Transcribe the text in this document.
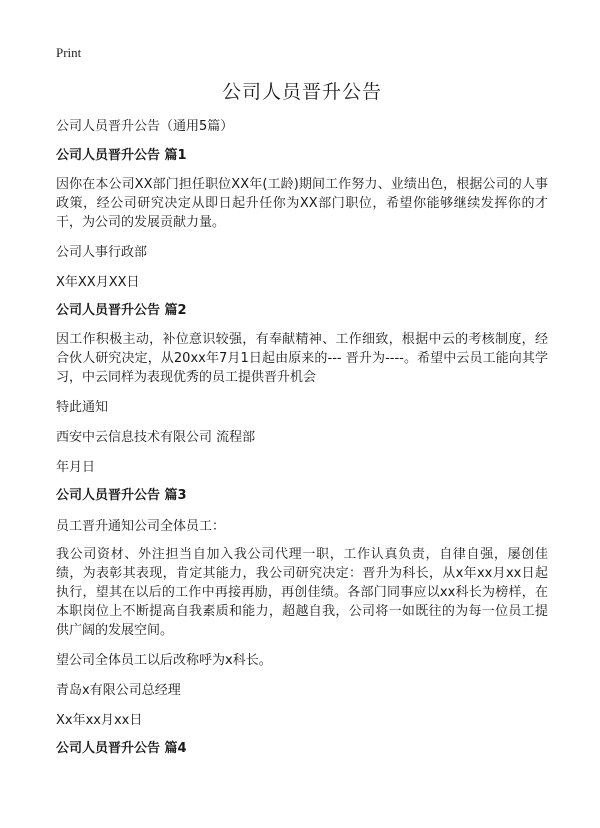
Print

公司人员晋升公告

公司人员晋升公告（通用5篇）

公司人员晋升公告 篇1

因你在本公司XX部门担任职位XX年(工龄)期间工作努力、业绩出色，根据公司的人事政策，经公司研究决定从即日起升任你为XX部门职位，希望你能够继续发挥你的才干，为公司的发展贡献力量。

公司人事行政部

X年XX月XX日

公司人员晋升公告 篇2

因工作积极主动，补位意识较强，有奉献精神、工作细致，根据中云的考核制度，经合伙人研究决定，从20xx年7月1日起由原来的--- 晋升为----。希望中云员工能向其学习，中云同样为表现优秀的员工提供晋升机会

特此通知

西安中云信息技术有限公司 流程部

年月日

公司人员晋升公告 篇3

员工晋升通知公司全体员工：

我公司资材、外注担当自加入我公司代理一职，工作认真负责，自律自强，屡创佳绩，为表彰其表现，肯定其能力，我公司研究决定：晋升为科长，从x年xx月xx日起执行，望其在以后的工作中再接再励，再创佳绩。各部门同事应以xx科长为榜样，在本职岗位上不断提高自我素质和能力，超越自我，公司将一如既往的为每一位员工提供广阔的发展空间。

望公司全体员工以后改称呼为x科长。

青岛x有限公司总经理

Xx年xx月xx日

公司人员晋升公告 篇4
